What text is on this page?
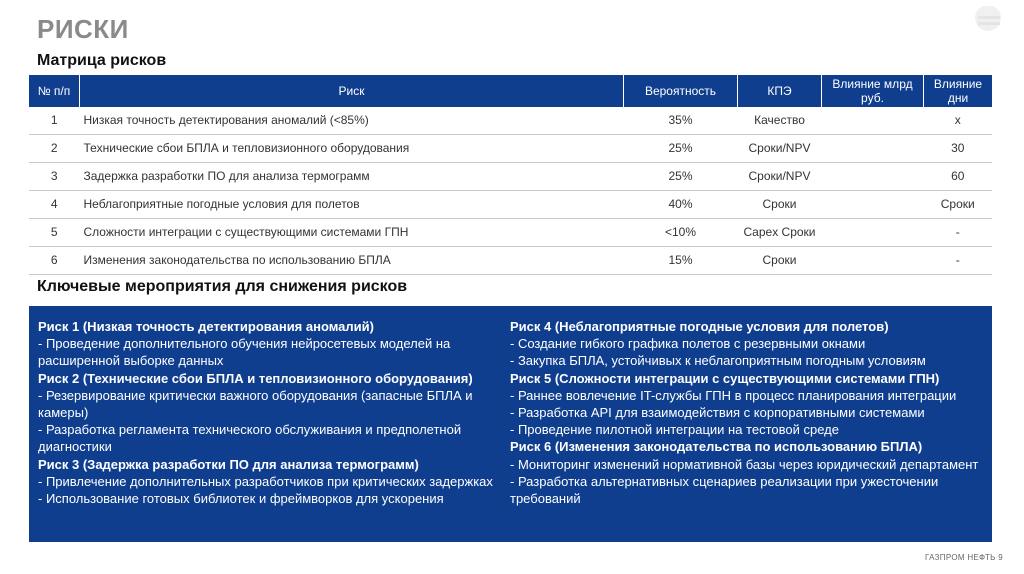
РИСКИ
Матрица рисков
№ п/п	Риск	Вероятность	КПЭ	Влияние млрд руб.	Влияние дни
1	Низкая точность детектирования аномалий (<85%)	35%	Качество		x
2	Технические сбои БПЛА и тепловизионного оборудования	25%	Сроки/NPV		30
3	Задержка разработки ПО для анализа термограмм	25%	Сроки/NPV		60
4	Неблагоприятные погодные условия для полетов	40%	Сроки		Сроки
5	Сложности интеграции с существующими системами ГПН	<10%	Capex Сроки		-
6	Изменения законодательства по использованию БПЛА	15%	Сроки		-
Ключевые мероприятия для снижения рисков

Риск 1 (Низкая точность детектирования аномалий)

- Проведение дополнительного обучения нейросетевых моделей на расширенной выборке данных

Риск 2 (Технические сбои БПЛА и тепловизионного оборудования)

- Резервирование критически важного оборудования (запасные БПЛА и камеры)

- Разработка регламента технического обслуживания и предполетной диагностики

Риск 3 (Задержка разработки ПО для анализа термограмм)

- Привлечение дополнительных разработчиков при критических задержках

- Использование готовых библиотек и фреймворков для ускорения

Риск 4 (Неблагоприятные погодные условия для полетов)

- Создание гибкого графика полетов с резервными окнами

- Закупка БПЛА, устойчивых к неблагоприятным погодным условиям

Риск 5 (Сложности интеграции с существующими системами ГПН)

- Раннее вовлечение IT-службы ГПН в процесс планирования интеграции

- Разработка API для взаимодействия с корпоративными системами

- Проведение пилотной интеграции на тестовой среде

Риск 6 (Изменения законодательства по использованию БПЛА)

- Мониторинг изменений нормативной базы через юридический департамент

- Разработка альтернативных сценариев реализации при ужесточении требований

ГАЗПРОМ НЕФТЬ 9
